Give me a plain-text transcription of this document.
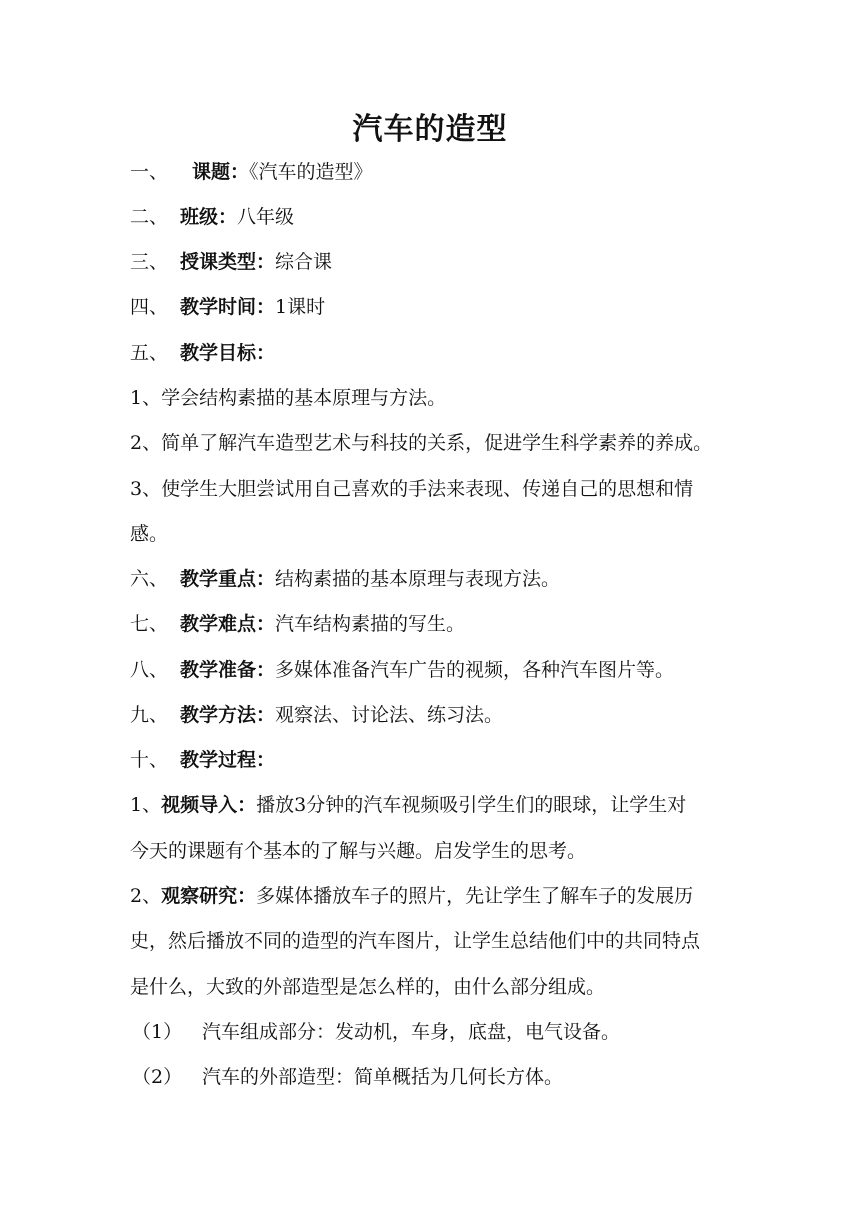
汽车的造型
一、 课题：《汽车的造型》
二、 班级：八年级
三、 授课类型：综合课
四、 教学时间：1课时
五、 教学目标：
1、学会结构素描的基本原理与方法。
2、简单了解汽车造型艺术与科技的关系，促进学生科学素养的养成。
3、使学生大胆尝试用自己喜欢的手法来表现、传递自己的思想和情
感。
六、 教学重点：结构素描的基本原理与表现方法。
七、 教学难点：汽车结构素描的写生。
八、 教学准备：多媒体准备汽车广告的视频，各种汽车图片等。
九、 教学方法：观察法、讨论法、练习法。
十、 教学过程：
1、视频导入：播放3分钟的汽车视频吸引学生们的眼球，让学生对
今天的课题有个基本的了解与兴趣。启发学生的思考。
2、观察研究：多媒体播放车子的照片，先让学生了解车子的发展历
史，然后播放不同的造型的汽车图片，让学生总结他们中的共同特点
是什么，大致的外部造型是怎么样的，由什么部分组成。
（1） 汽车组成部分：发动机，车身，底盘，电气设备。
（2） 汽车的外部造型：简单概括为几何长方体。
